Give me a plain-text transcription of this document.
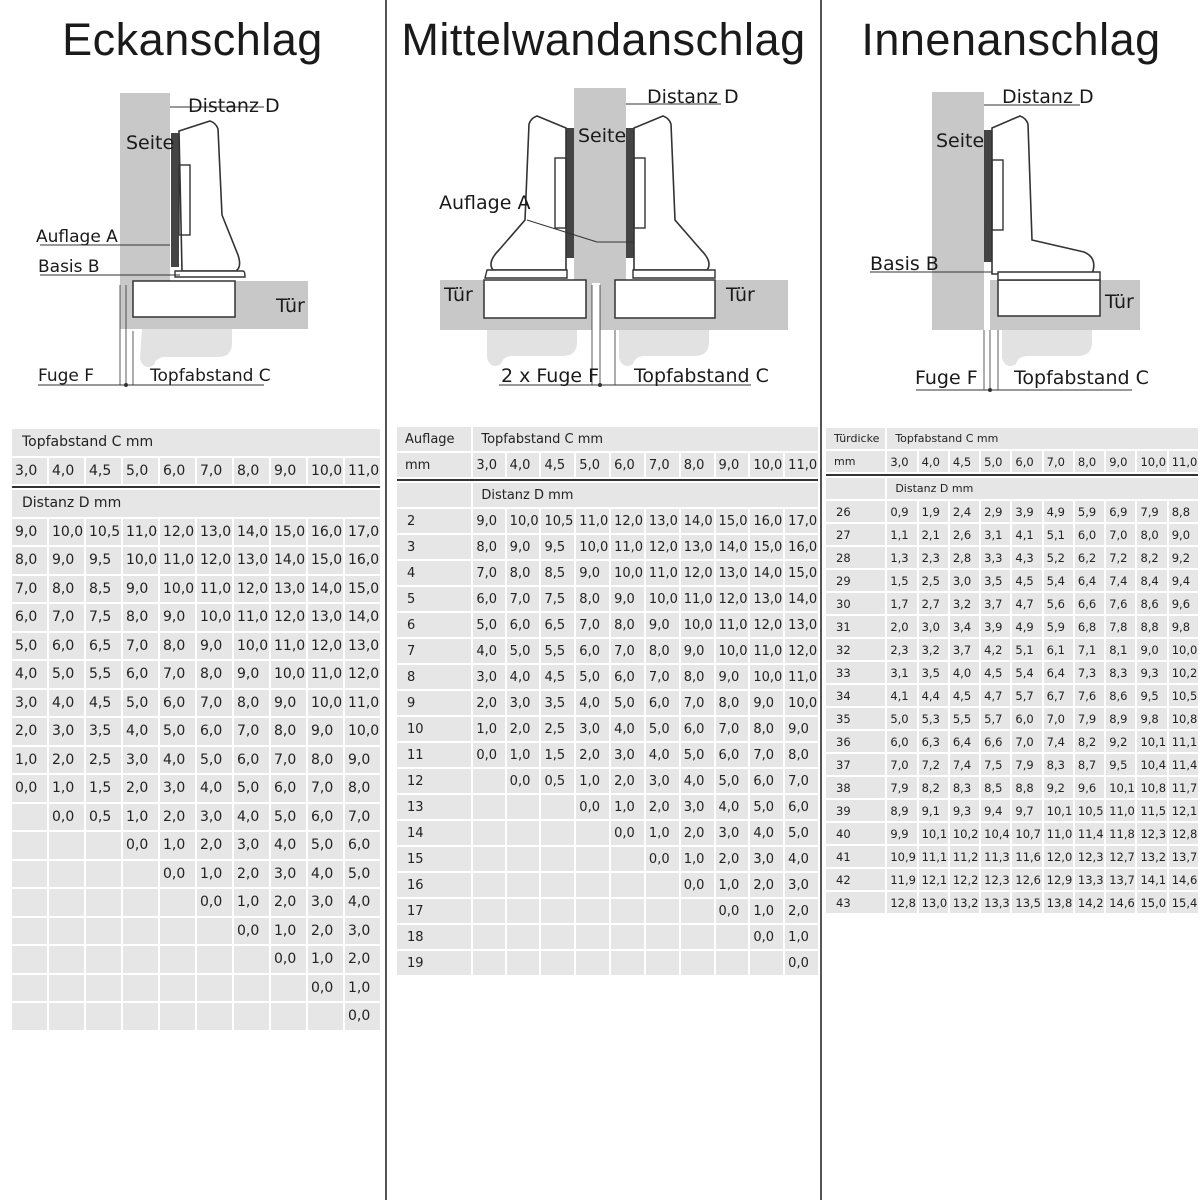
Eckanschlag
Distanz D
Seite
Auflage A
Basis B
Tür
Fuge F	Topfabstand C
Topfabstand C mm									
3,0	4,0	4,5	5,0	6,0	7,0	8,0	9,0	10,0	11,0

Distanz D mm									
9,0	10,0	10,5	11,0	12,0	13,0	14,0	15,0	16,0	17,0
8,0	9,0	9,5	10,0	11,0	12,0	13,0	14,0	15,0	16,0
7,0	8,0	8,5	9,0	10,0	11,0	12,0	13,0	14,0	15,0
6,0	7,0	7,5	8,0	9,0	10,0	11,0	12,0	13,0	14,0
5,0	6,0	6,5	7,0	8,0	9,0	10,0	11,0	12,0	13,0
4,0	5,0	5,5	6,0	7,0	8,0	9,0	10,0	11,0	12,0
3,0	4,0	4,5	5,0	6,0	7,0	8,0	9,0	10,0	11,0
2,0	3,0	3,5	4,0	5,0	6,0	7,0	8,0	9,0	10,0
1,0	2,0	2,5	3,0	4,0	5,0	6,0	7,0	8,0	9,0
0,0	1,0	1,5	2,0	3,0	4,0	5,0	6,0	7,0	8,0
	0,0	0,5	1,0	2,0	3,0	4,0	5,0	6,0	7,0
			0,0	1,0	2,0	3,0	4,0	5,0	6,0
				0,0	1,0	2,0	3,0	4,0	5,0
					0,0	1,0	2,0	3,0	4,0
						0,0	1,0	2,0	3,0
							0,0	1,0	2,0
								0,0	1,0
									0,0
Mittelwandanschlag
Distanz D
Seite
Auflage A
Tür	Tür
2 x Fuge F Topfabstand C
Auflage	Topfabstand C mm									
mm	3,0	4,0	4,5	5,0	6,0	7,0	8,0	9,0	10,0	11,0

	Distanz D mm									
2	9,0	10,0	10,5	11,0	12,0	13,0	14,0	15,0	16,0	17,0
3	8,0	9,0	9,5	10,0	11,0	12,0	13,0	14,0	15,0	16,0
4	7,0	8,0	8,5	9,0	10,0	11,0	12,0	13,0	14,0	15,0
5	6,0	7,0	7,5	8,0	9,0	10,0	11,0	12,0	13,0	14,0
6	5,0	6,0	6,5	7,0	8,0	9,0	10,0	11,0	12,0	13,0
7	4,0	5,0	5,5	6,0	7,0	8,0	9,0	10,0	11,0	12,0
8	3,0	4,0	4,5	5,0	6,0	7,0	8,0	9,0	10,0	11,0
9	2,0	3,0	3,5	4,0	5,0	6,0	7,0	8,0	9,0	10,0
10	1,0	2,0	2,5	3,0	4,0	5,0	6,0	7,0	8,0	9,0
11	0,0	1,0	1,5	2,0	3,0	4,0	5,0	6,0	7,0	8,0
12		0,0	0,5	1,0	2,0	3,0	4,0	5,0	6,0	7,0
13				0,0	1,0	2,0	3,0	4,0	5,0	6,0
14					0,0	1,0	2,0	3,0	4,0	5,0
15						0,0	1,0	2,0	3,0	4,0
16							0,0	1,0	2,0	3,0
17								0,0	1,0	2,0
18									0,0	1,0
19										0,0
Innenanschlag
Distanz D
Seite
Basis B
Tür
Fuge F Topfabstand C
Türdicke	Topfabstand C mm									
mm	3,0	4,0	4,5	5,0	6,0	7,0	8,0	9,0	10,0	11,0

	Distanz D mm									
26	0,9	1,9	2,4	2,9	3,9	4,9	5,9	6,9	7,9	8,8
27	1,1	2,1	2,6	3,1	4,1	5,1	6,0	7,0	8,0	9,0
28	1,3	2,3	2,8	3,3	4,3	5,2	6,2	7,2	8,2	9,2
29	1,5	2,5	3,0	3,5	4,5	5,4	6,4	7,4	8,4	9,4
30	1,7	2,7	3,2	3,7	4,7	5,6	6,6	7,6	8,6	9,6
31	2,0	3,0	3,4	3,9	4,9	5,9	6,8	7,8	8,8	9,8
32	2,3	3,2	3,7	4,2	5,1	6,1	7,1	8,1	9,0	10,0
33	3,1	3,5	4,0	4,5	5,4	6,4	7,3	8,3	9,3	10,2
34	4,1	4,4	4,5	4,7	5,7	6,7	7,6	8,6	9,5	10,5
35	5,0	5,3	5,5	5,7	6,0	7,0	7,9	8,9	9,8	10,8
36	6,0	6,3	6,4	6,6	7,0	7,4	8,2	9,2	10,1	11,1
37	7,0	7,2	7,4	7,5	7,9	8,3	8,7	9,5	10,4	11,4
38	7,9	8,2	8,3	8,5	8,8	9,2	9,6	10,1	10,8	11,7
39	8,9	9,1	9,3	9,4	9,7	10,1	10,5	11,0	11,5	12,1
40	9,9	10,1	10,2	10,4	10,7	11,0	11,4	11,8	12,3	12,8
41	10,9	11,1	11,2	11,3	11,6	12,0	12,3	12,7	13,2	13,7
42	11,9	12,1	12,2	12,3	12,6	12,9	13,3	13,7	14,1	14,6
43	12,8	13,0	13,2	13,3	13,5	13,8	14,2	14,6	15,0	15,4
